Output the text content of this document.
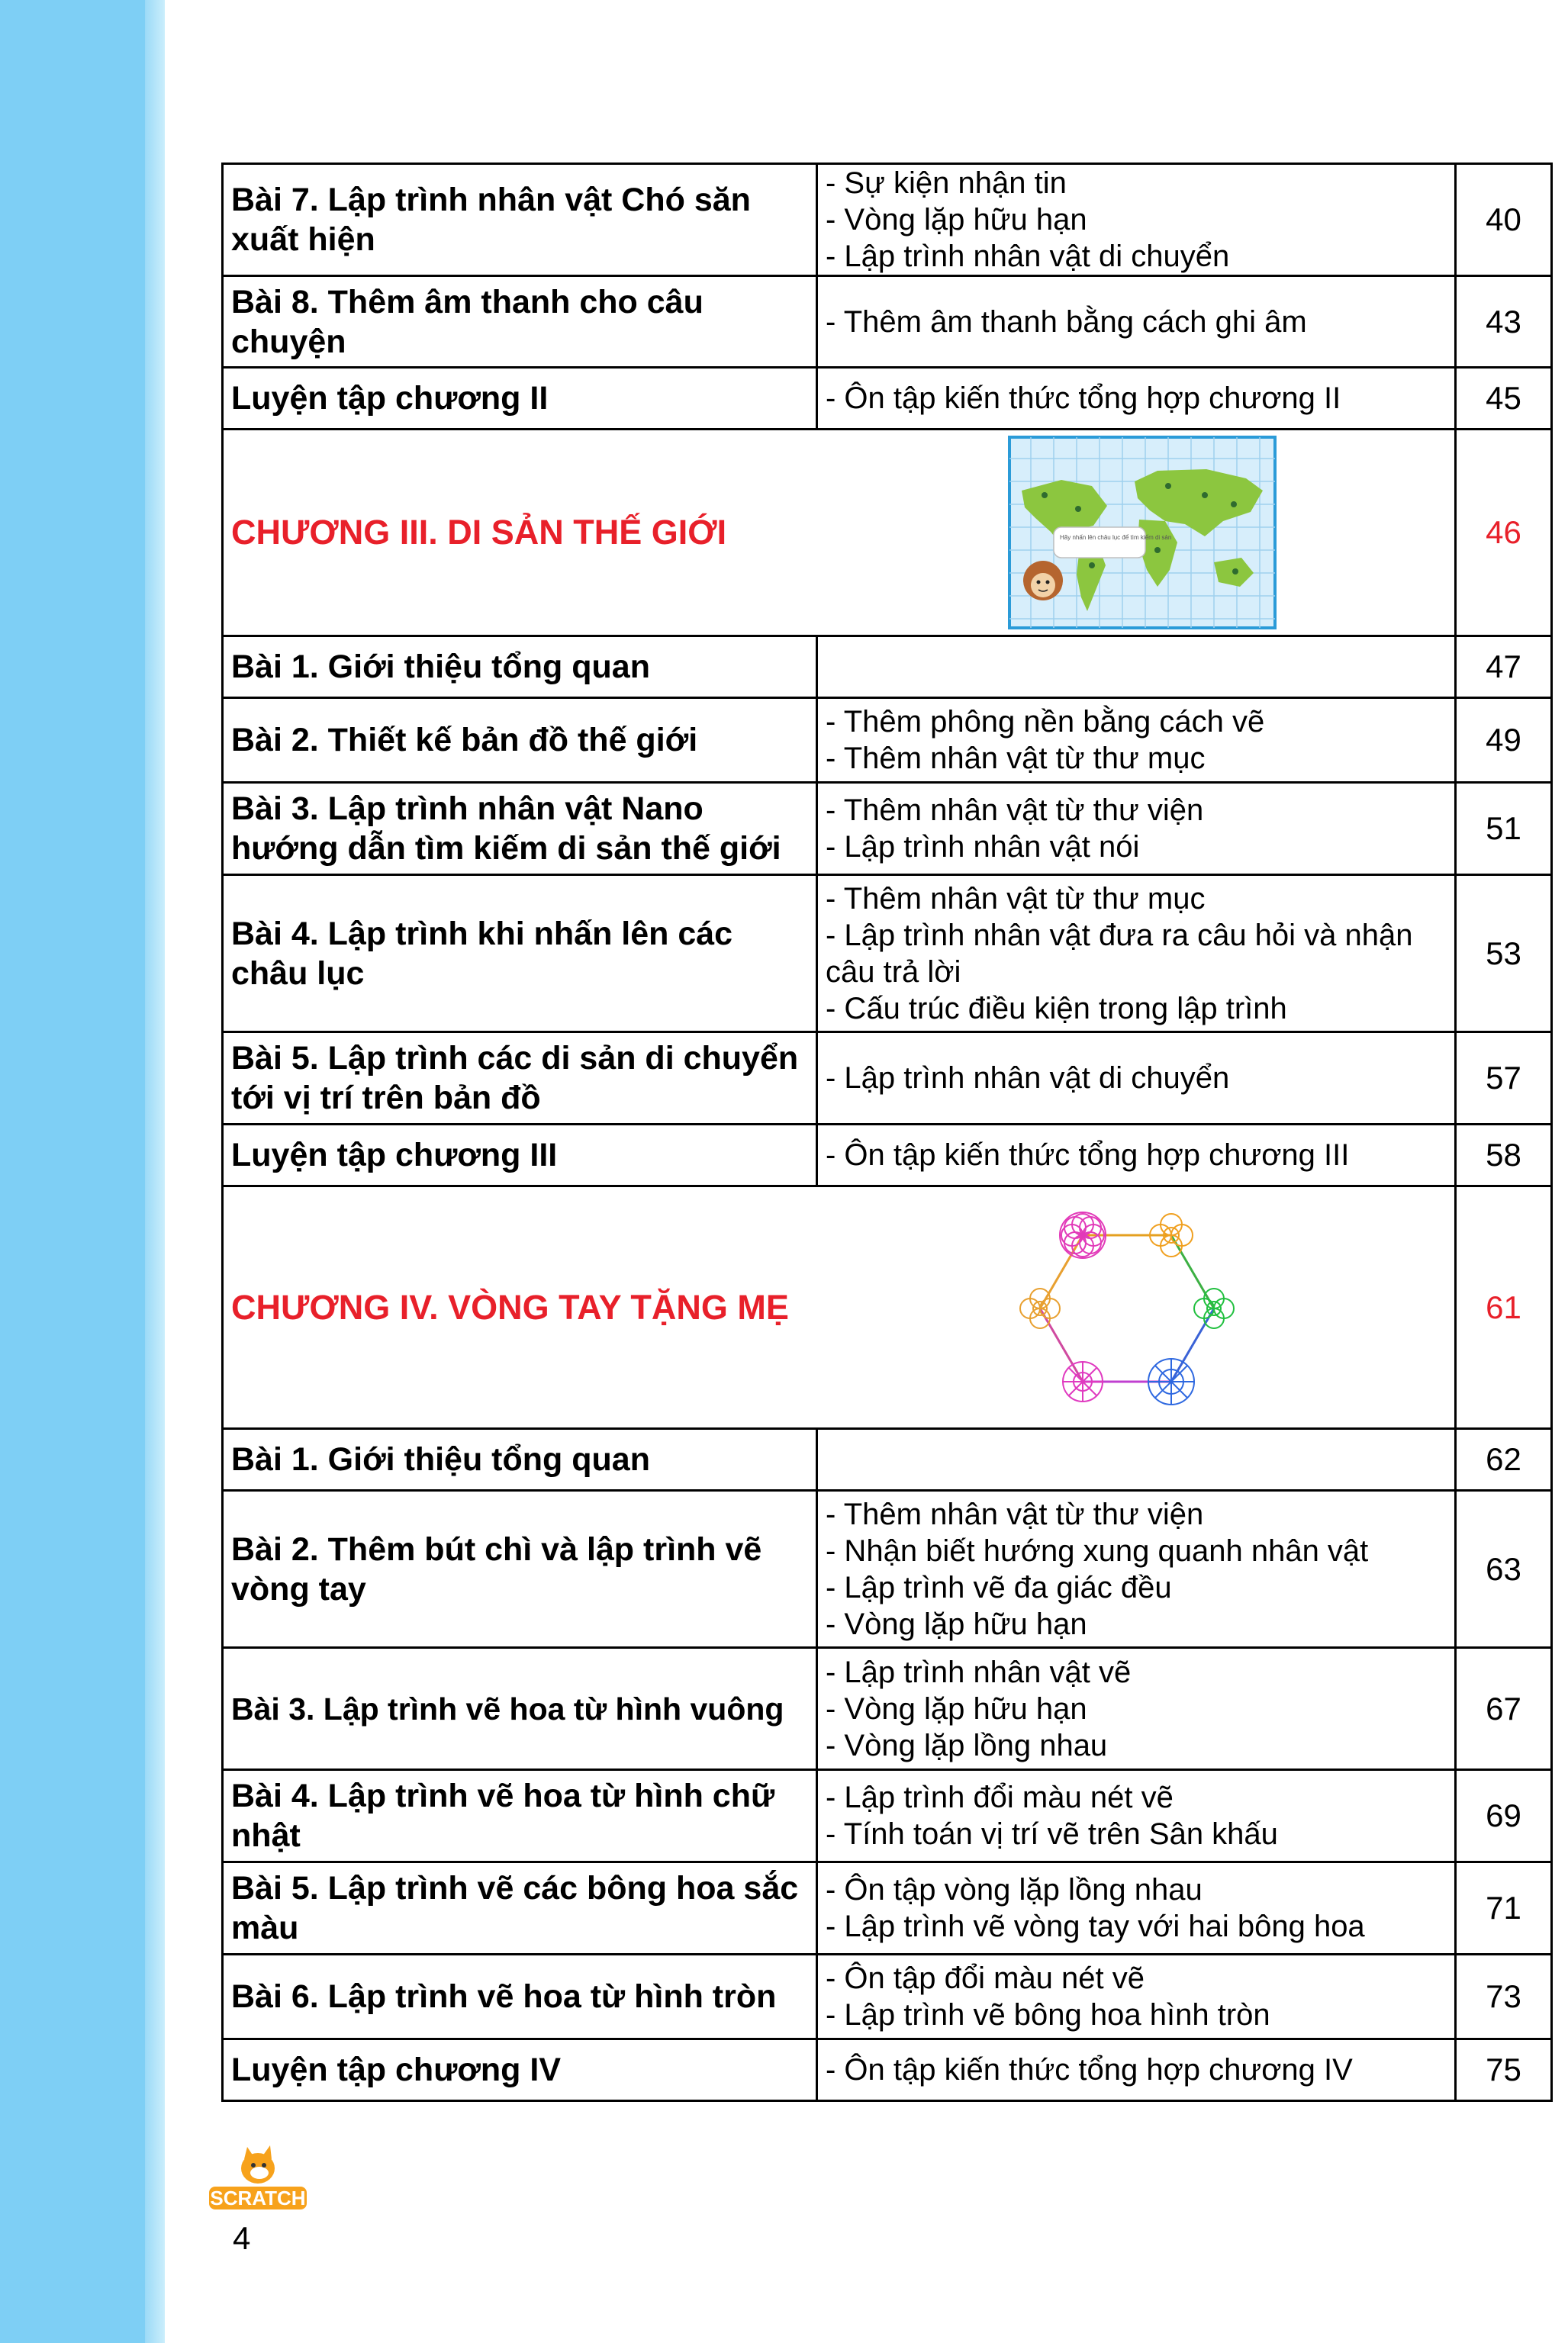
Bài 7. Lập trình nhân vật Chó săn xuất hiện	- Sự kiện nhận tin
- Vòng lặp hữu hạn
- Lập trình nhân vật di chuyển	40
Bài 8. Thêm âm thanh cho câu chuyện	- Thêm âm thanh bằng cách ghi âm	43
Luyện tập chương II	- Ôn tập kiến thức tổng hợp chương II	45
CHƯƠNG III. DI SẢN THẾ GIỚI	Hãy nhấn lên châu lục để tìm kiếm di sản	46
Bài 1. Giới thiệu tổng quan		47
Bài 2. Thiết kế bản đồ thế giới	- Thêm phông nền bằng cách vẽ
- Thêm nhân vật từ thư mục	49
Bài 3. Lập trình nhân vật Nano hướng dẫn tìm kiếm di sản thế giới	- Thêm nhân vật từ thư viện
- Lập trình nhân vật nói	51
Bài 4. Lập trình khi nhấn lên các châu lục	- Thêm nhân vật từ thư mục
- Lập trình nhân vật đưa ra câu hỏi và nhận câu trả lời
- Cấu trúc điều kiện trong lập trình	53
Bài 5. Lập trình các di sản di chuyển tới vị trí trên bản đồ	- Lập trình nhân vật di chuyển	57
Luyện tập chương III	- Ôn tập kiến thức tổng hợp chương III	58
CHƯƠNG IV. VÒNG TAY TẶNG MẸ		61
Bài 1. Giới thiệu tổng quan		62
Bài 2. Thêm bút chì và lập trình vẽ vòng tay	- Thêm nhân vật từ thư viện
- Nhận biết hướng xung quanh nhân vật
- Lập trình vẽ đa giác đều
- Vòng lặp hữu hạn	63
Bài 3. Lập trình vẽ hoa từ hình vuông	- Lập trình nhân vật vẽ
- Vòng lặp hữu hạn
- Vòng lặp lồng nhau	67
Bài 4. Lập trình vẽ hoa từ hình chữ nhật	- Lập trình đổi màu nét vẽ
- Tính toán vị trí vẽ trên Sân khấu	69
Bài 5. Lập trình vẽ các bông hoa sắc màu	- Ôn tập vòng lặp lồng nhau
- Lập trình vẽ vòng tay với hai bông hoa	71
Bài 6. Lập trình vẽ hoa từ hình tròn	- Ôn tập đổi màu nét vẽ
- Lập trình vẽ bông hoa hình tròn	73
Luyện tập chương IV	- Ôn tập kiến thức tổng hợp chương IV	75
SCRATCH
4
